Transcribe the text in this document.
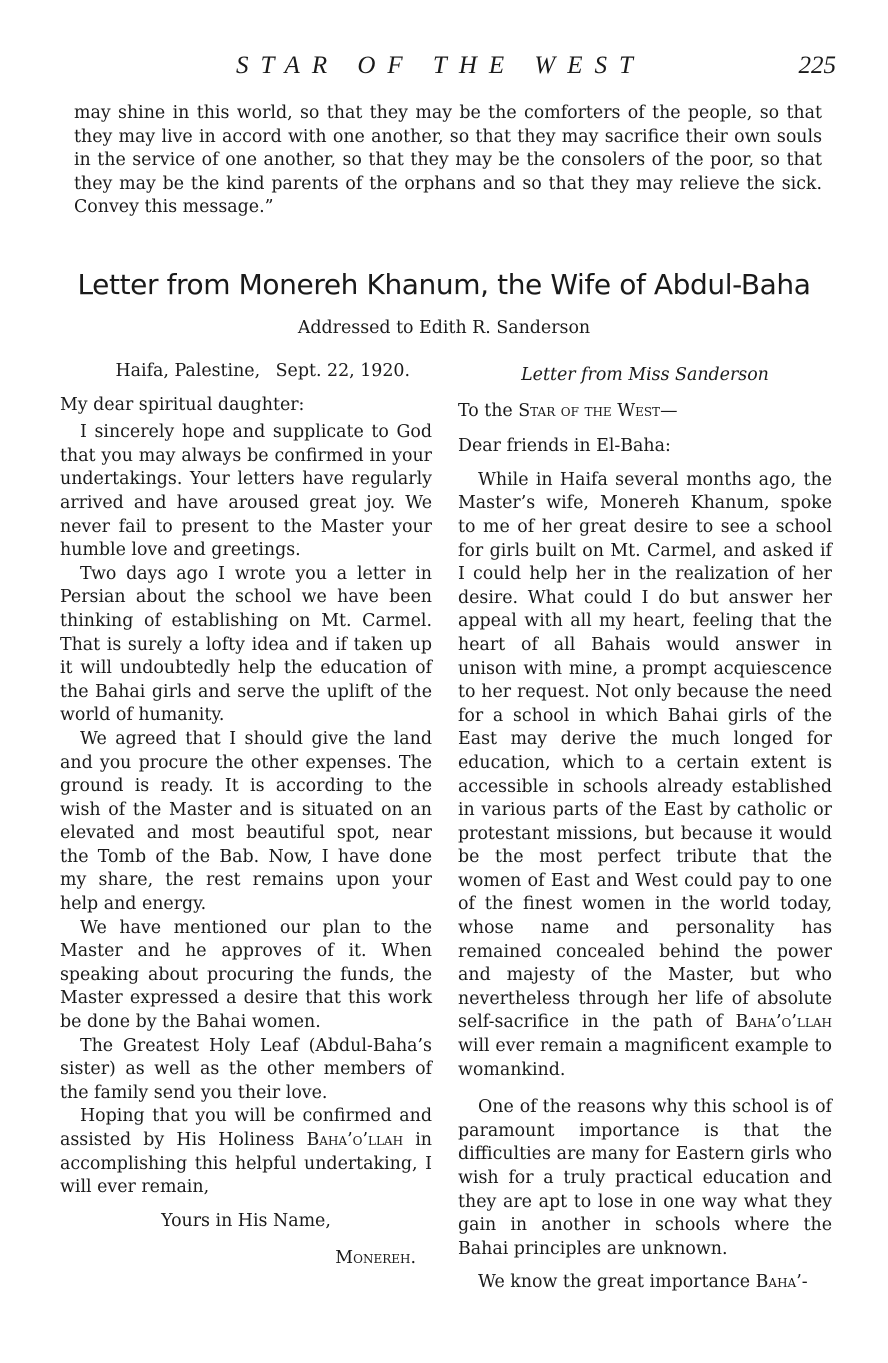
STAR OF THE WEST	225

may shine in this world, so that they may be the comforters of the people, so that they may live in accord with one another, so that they may sacrifice their own souls in the service of one another, so that they may be the consolers of the poor, so that they may be the kind parents of the orphans and so that they may relieve the sick. Convey this message.”

Letter from Monereh Khanum, the Wife of Abdul-Baha

Addressed to Edith R. Sanderson

Haifa, Palestine, Sept. 22, 1920.

My dear spiritual daughter:

I sincerely hope and supplicate to God that you may always be confirmed in your undertakings. Your letters have regularly arrived and have aroused great joy. We never fail to present to the Master your humble love and greetings.

Two days ago I wrote you a letter in Persian about the school we have been thinking of establishing on Mt. Carmel. That is surely a lofty idea and if taken up it will undoubtedly help the education of the Bahai girls and serve the uplift of the world of humanity.

We agreed that I should give the land and you procure the other expenses. The ground is ready. It is according to the wish of the Master and is situated on an elevated and most beautiful spot, near the Tomb of the Bab. Now, I have done my share, the rest remains upon your help and energy.

We have mentioned our plan to the Master and he approves of it. When speaking about procuring the funds, the Master expressed a desire that this work be done by the Bahai women.

The Greatest Holy Leaf (Abdul-Baha’s sister) as well as the other members of the family send you their love.

Hoping that you will be confirmed and assisted by His Holiness Baha’o’llah in accomplishing this helpful undertaking, I will ever remain,

Yours in His Name,

Monereh.

Letter from Miss Sanderson

To the Star of the West—

Dear friends in El-Baha:

While in Haifa several months ago, the Master’s wife, Monereh Khanum, spoke to me of her great desire to see a school for girls built on Mt. Carmel, and asked if I could help her in the realization of her desire. What could I do but answer her appeal with all my heart, feeling that the heart of all Bahais would answer in unison with mine, a prompt acquiescence to her request. Not only because the need for a school in which Bahai girls of the East may derive the much longed for education, which to a certain extent is accessible in schools already established in various parts of the East by catholic or protestant missions, but because it would be the most perfect tribute that the women of East and West could pay to one of the finest women in the world today, whose name and personality has remained concealed behind the power and majesty of the Master, but who nevertheless through her life of absolute self-sacrifice in the path of Baha’o’llah will ever remain a magnificent example to womankind.

One of the reasons why this school is of paramount importance is that the difficulties are many for Eastern girls who wish for a truly practical education and they are apt to lose in one way what they gain in another in schools where the Bahai principles are unknown.

We know the great importance Baha’-
